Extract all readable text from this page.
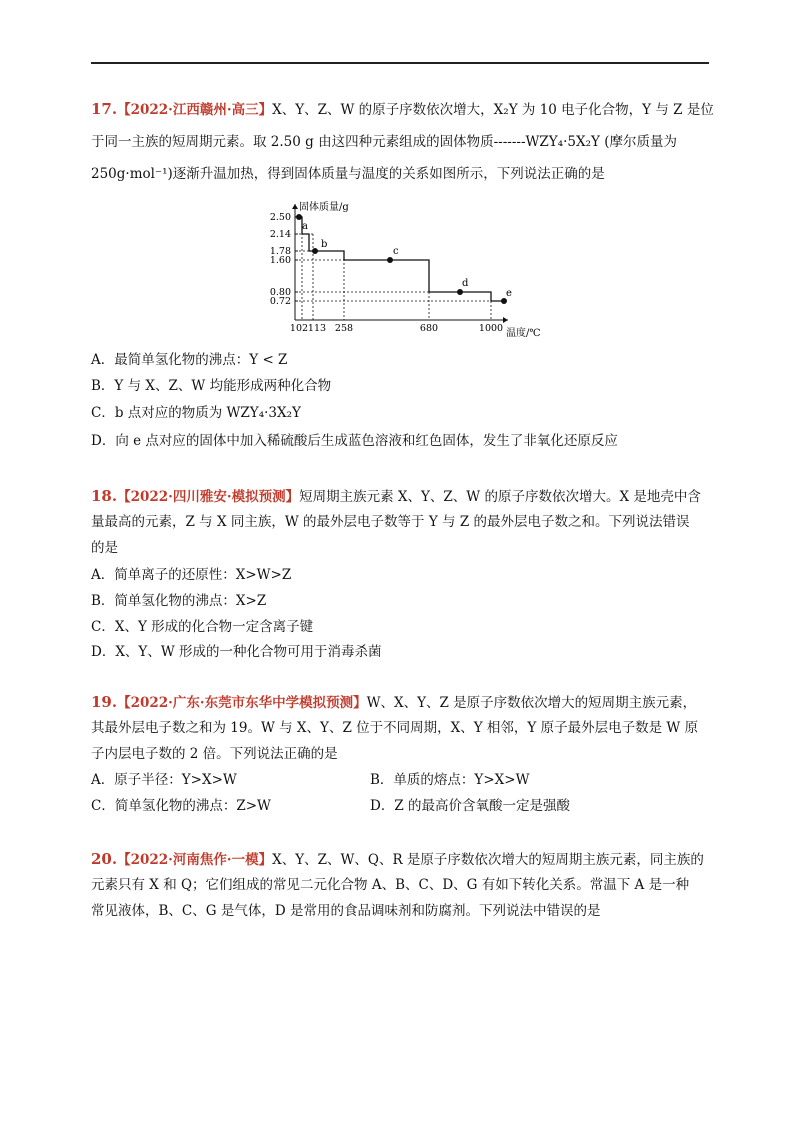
17.【2022·江西赣州·高三】X、Y、Z、W 的原子序数依次增大，X₂Y 为 10 电子化合物，Y 与 Z 是位
于同一主族的短周期元素。取 2.50 g 由这四种元素组成的固体物质-------WZY₄·5X₂Y (摩尔质量为
250g·mol⁻¹)逐渐升温加热，得到固体质量与温度的关系如图所示，下列说法正确的是
固体质量/g
温度/℃
2.50
2.14
1.78
1.60
0.80
0.72
102 113 258	680	1000
a
b
c
d
e
A．最简单氢化物的沸点：Y < Z
B．Y 与 X、Z、W 均能形成两种化合物
C．b 点对应的物质为 WZY₄·3X₂Y
D．向 e 点对应的固体中加入稀硫酸后生成蓝色溶液和红色固体，发生了非氧化还原反应
18.【2022·四川雅安·模拟预测】短周期主族元素 X、Y、Z、W 的原子序数依次增大。X 是地壳中含
量最高的元素，Z 与 X 同主族，W 的最外层电子数等于 Y 与 Z 的最外层电子数之和。下列说法错误
的是
A．简单离子的还原性：X>W>Z
B．简单氢化物的沸点：X>Z
C．X、Y 形成的化合物一定含离子键
D．X、Y、W 形成的一种化合物可用于消毒杀菌
19.【2022·广东·东莞市东华中学模拟预测】W、X、Y、Z 是原子序数依次增大的短周期主族元素，
其最外层电子数之和为 19。W 与 X、Y、Z 位于不同周期，X、Y 相邻，Y 原子最外层电子数是 W 原
子内层电子数的 2 倍。下列说法正确的是
A．原子半径：Y>X>W	B．单质的熔点：Y>X>W
C．简单氢化物的沸点：Z>W	D．Z 的最高价含氧酸一定是强酸
20.【2022·河南焦作·一模】X、Y、Z、W、Q、R 是原子序数依次增大的短周期主族元素，同主族的
元素只有 X 和 Q；它们组成的常见二元化合物 A、B、C、D、G 有如下转化关系。常温下 A 是一种
常见液体，B、C、G 是气体，D 是常用的食品调味剂和防腐剂。下列说法中错误的是
